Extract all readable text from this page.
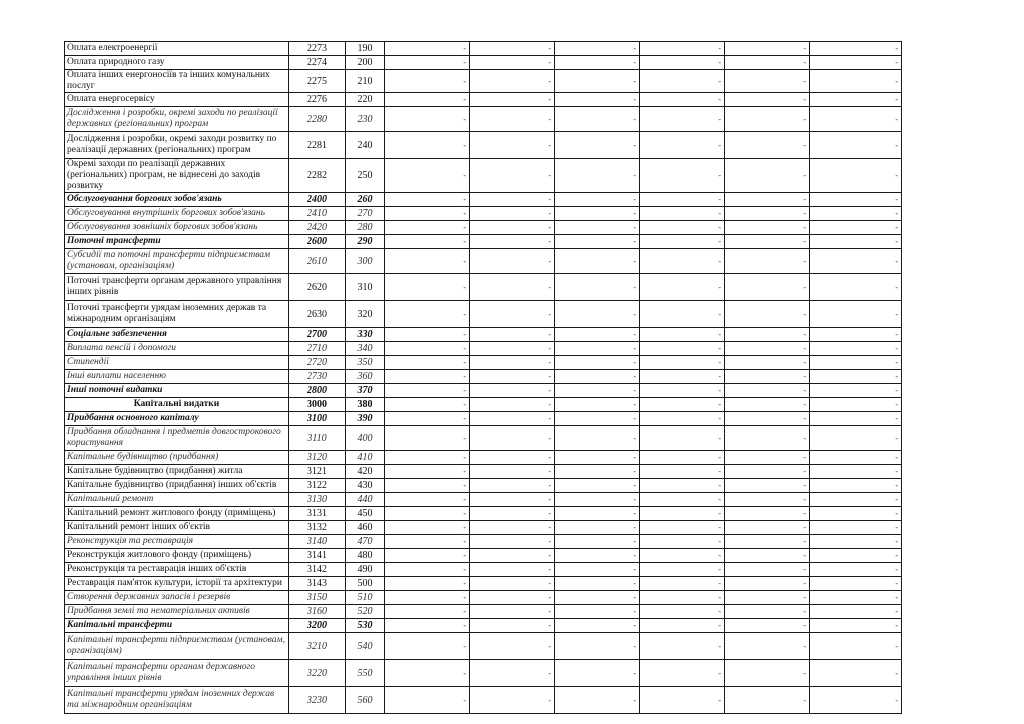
Оплата електроенергії	2273	190	-	-	-	-	-	-
Оплата природного газу	2274	200	-	-	-	-	-	-
Оплата інших енергоносіїв та інших комунальних послуг	2275	210	-	-	-	-	-	-
Оплата енергосервісу	2276	220	-	-	-	-	-	-
Дослідження і розробки, окремі заходи по реалізації державних (регіональних) програм	2280	230	-	-	-	-	-	-
Дослідження і розробки, окремі заходи розвитку по реалізації державних (регіональних) програм	2281	240	-	-	-	-	-	-
Окремі заходи по реалізації державних (регіональних) програм, не віднесені до заходів розвитку	2282	250	-	-	-	-	-	-
Обслуговування боргових зобов'язань	2400	260	-	-	-	-	-	-
Обслуговування внутрішніх боргових зобов'язань	2410	270	-	-	-	-	-	-
Обслуговування зовнішніх боргових зобов'язань	2420	280	-	-	-	-	-	-
Поточні трансферти	2600	290	-	-	-	-	-	-
Субсидії та поточні трансферти підприємствам (установам, організаціям)	2610	300	-	-	-	-	-	-
Поточні трансферти органам державного управління інших рівнів	2620	310	-	-	-	-	-	-
Поточні трансферти урядам іноземних держав та міжнародним організаціям	2630	320	-	-	-	-	-	-
Соціальне забезпечення	2700	330	-	-	-	-	-	-
Виплата пенсій і допомоги	2710	340	-	-	-	-	-	-
Стипендії	2720	350	-	-	-	-	-	-
Інші виплати населенню	2730	360	-	-	-	-	-	-
Інші поточні видатки	2800	370	-	-	-	-	-	-
Капітальні видатки	3000	380	-	-	-	-	-	-
Придбання основного капіталу	3100	390	-	-	-	-	-	-
Придбання обладнання і предметів довгострокового користування	3110	400	-	-	-	-	-	-
Капітальне будівництво (придбання)	3120	410	-	-	-	-	-	-
Капітальне будівництво (придбання) житла	3121	420	-	-	-	-	-	-
Капітальне будівництво (придбання) інших об'єктів	3122	430	-	-	-	-	-	-
Капітальний ремонт	3130	440	-	-	-	-	-	-
Капітальний ремонт житлового фонду (приміщень)	3131	450	-	-	-	-	-	-
Капітальний ремонт інших об'єктів	3132	460	-	-	-	-	-	-
Реконструкція та реставрація	3140	470	-	-	-	-	-	-
Реконструкція житлового фонду (приміщень)	3141	480	-	-	-	-	-	-
Реконструкція та реставрація інших об'єктів	3142	490	-	-	-	-	-	-
Реставрація пам'яток культури, історії та архітектури	3143	500	-	-	-	-	-	-
Створення державних запасів і резервів	3150	510	-	-	-	-	-	-
Придбання землі та нематеріальних активів	3160	520	-	-	-	-	-	-
Капітальні трансферти	3200	530	-	-	-	-	-	-
Капітальні трансферти підприємствам (установам, організаціям)	3210	540	-	-	-	-	-	-
Капітальні трансферти органам державного управління інших рівнів	3220	550	-	-	-	-	-	-
Капітальні трансферти урядам іноземних держав та міжнародним організаціям	3230	560	-	-	-	-	-	-
